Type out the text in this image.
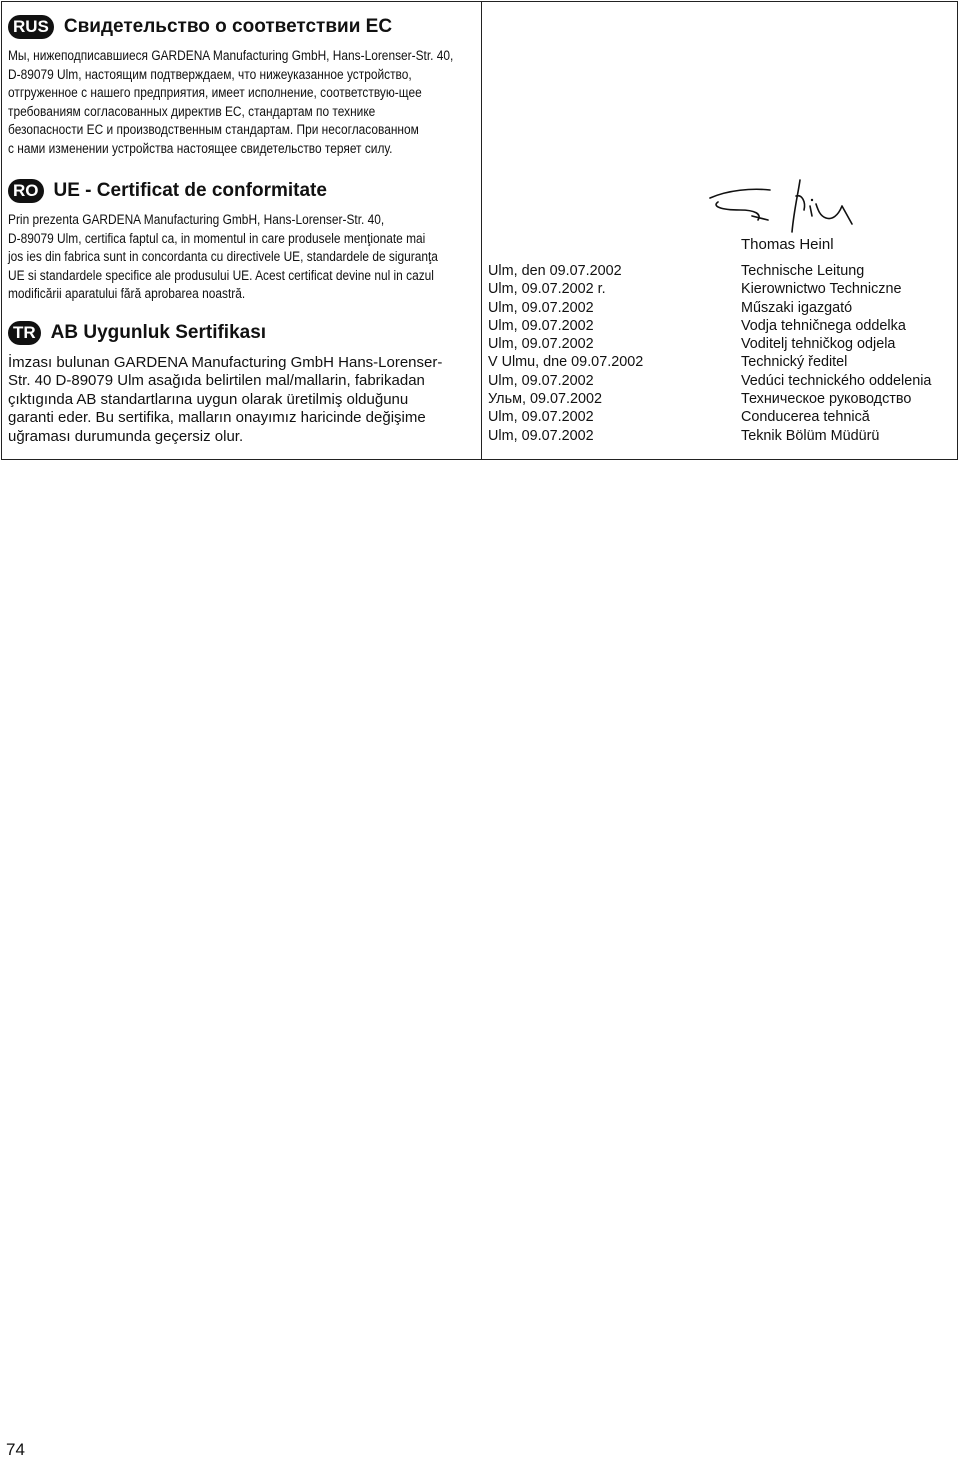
RUS Свидетельство о соответствии ЕС
Мы, нижеподписавшиеся GARDENA Manufacturing GmbH, Hans-Lorenser-Str. 40,
D-89079 Ulm, настоящим подтверждаем, что нижеуказанное устройство,
отгруженное с нашего предприятия, имеет исполнение, соответствую-щее
требованиям согласованных директив ЕС, стандартам по технике
безопасности ЕС и производственным стандартам. При несогласованном
с нами изменении устройства настоящее свидетельство теряет силу.
RO UE - Certificat de conformitate
Prin prezenta GARDENA Manufacturing GmbH, Hans-Lorenser-Str. 40,
D-89079 Ulm, certifica faptul ca, in momentul in care produsele menţionate mai
jos ies din fabrica sunt in concordanta cu directivele UE, standardele de siguranţa
UE si standardele specifice ale produsului UE. Acest certificat devine nul in cazul
modificării aparatului fără aprobarea noastră.
TR AB Uygunluk Sertifikası
İmzası bulunan GARDENA Manufacturing GmbH Hans-Lorenser-
Str. 40 D-89079 Ulm asağıda belirtilen mal/mallarin, fabrikadan
çıktıgında AB standartlarına uygun olarak üretilmiş olduğunu
garanti eder. Bu sertifika, malların onayımız haricinde değişime
uğraması durumunda geçersiz olur.
Thomas Heinl
Ulm, den 09.07.2002
Ulm, 09.07.2002 r.
Ulm, 09.07.2002
Ulm, 09.07.2002
Ulm, 09.07.2002
V Ulmu, dne 09.07.2002
Ulm, 09.07.2002
Ульм, 09.07.2002
Ulm, 09.07.2002
Ulm, 09.07.2002
Technische Leitung
Kierownictwo Techniczne
Műszaki igazgató
Vodja tehničnega oddelka
Voditelj tehničkog odjela
Technický ředitel
Vedúci technického oddelenia
Техническое руководство
Conducerea tehnică
Teknik Bölüm Müdürü
74
